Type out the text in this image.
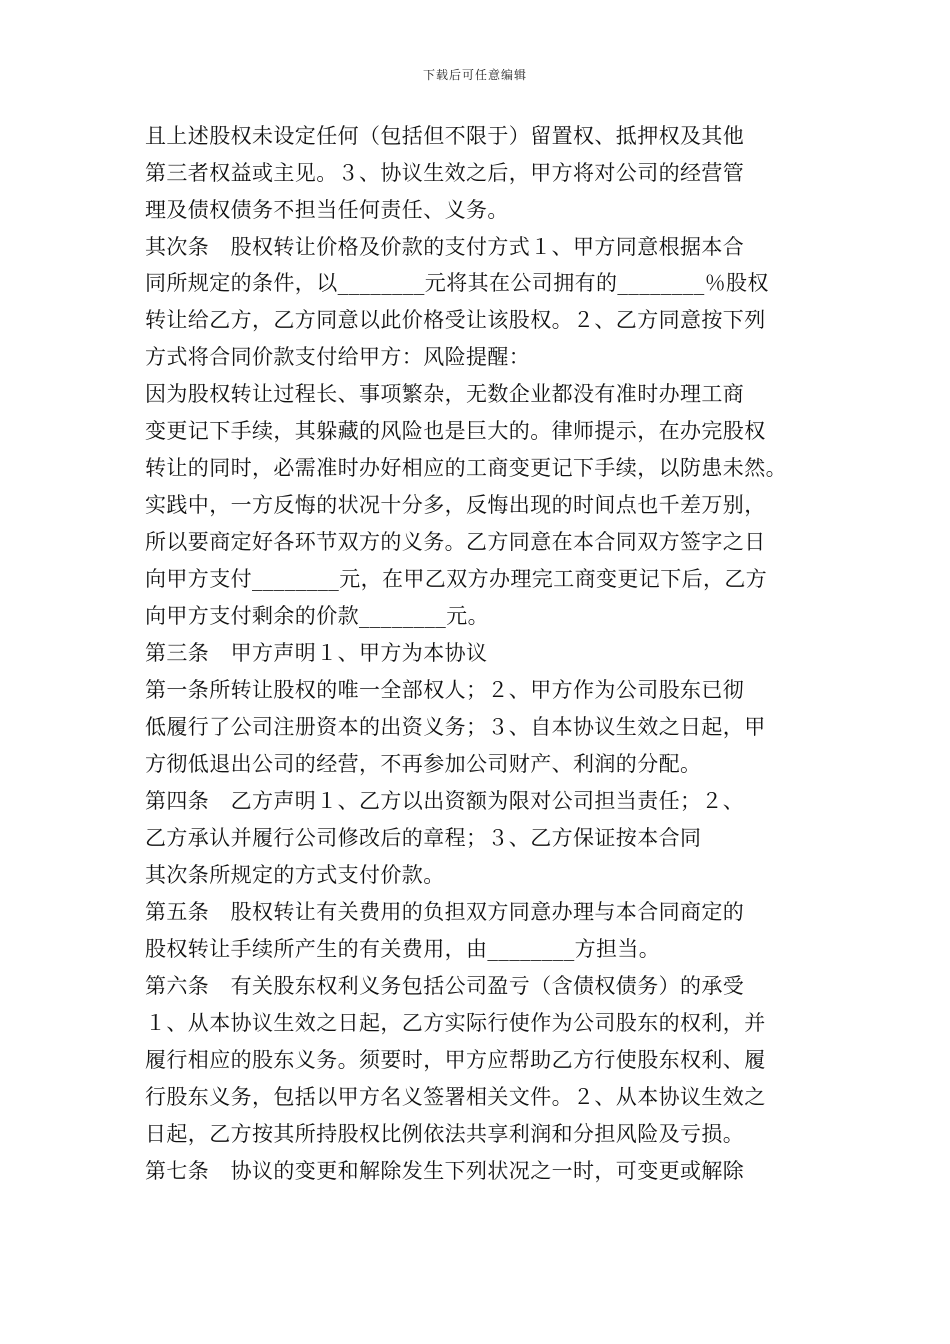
下载后可任意编辑
且上述股权未设定任何（包括但不限于）留置权、抵押权及其他
第三者权益或主见。３、协议生效之后，甲方将对公司的经营管
理及债权债务不担当任何责任、义务。
其次条　股权转让价格及价款的支付方式１、甲方同意根据本合
同所规定的条件，以________元将其在公司拥有的________％股权
转让给乙方，乙方同意以此价格受让该股权。２、乙方同意按下列
方式将合同价款支付给甲方：风险提醒：
因为股权转让过程长、事项繁杂，无数企业都没有准时办理工商
变更记下手续，其躲藏的风险也是巨大的。律师提示，在办完股权
转让的同时，必需准时办好相应的工商变更记下手续，以防患未然。
实践中，一方反悔的状况十分多，反悔出现的时间点也千差万别，
所以要商定好各环节双方的义务。乙方同意在本合同双方签字之日
向甲方支付________元，在甲乙双方办理完工商变更记下后，乙方
向甲方支付剩余的价款________元。
第三条　甲方声明１、甲方为本协议
第一条所转让股权的唯一全部权人；２、甲方作为公司股东已彻
低履行了公司注册资本的出资义务；３、自本协议生效之日起，甲
方彻低退出公司的经营，不再参加公司财产、利润的分配。
第四条　乙方声明１、乙方以出资额为限对公司担当责任；２、
乙方承认并履行公司修改后的章程；３、乙方保证按本合同
其次条所规定的方式支付价款。
第五条　股权转让有关费用的负担双方同意办理与本合同商定的
股权转让手续所产生的有关费用，由________方担当。
第六条　有关股东权利义务包括公司盈亏（含债权债务）的承受
１、从本协议生效之日起，乙方实际行使作为公司股东的权利，并
履行相应的股东义务。须要时，甲方应帮助乙方行使股东权利、履
行股东义务，包括以甲方名义签署相关文件。２、从本协议生效之
日起，乙方按其所持股权比例依法共享利润和分担风险及亏损。
第七条　协议的变更和解除发生下列状况之一时，可变更或解除
